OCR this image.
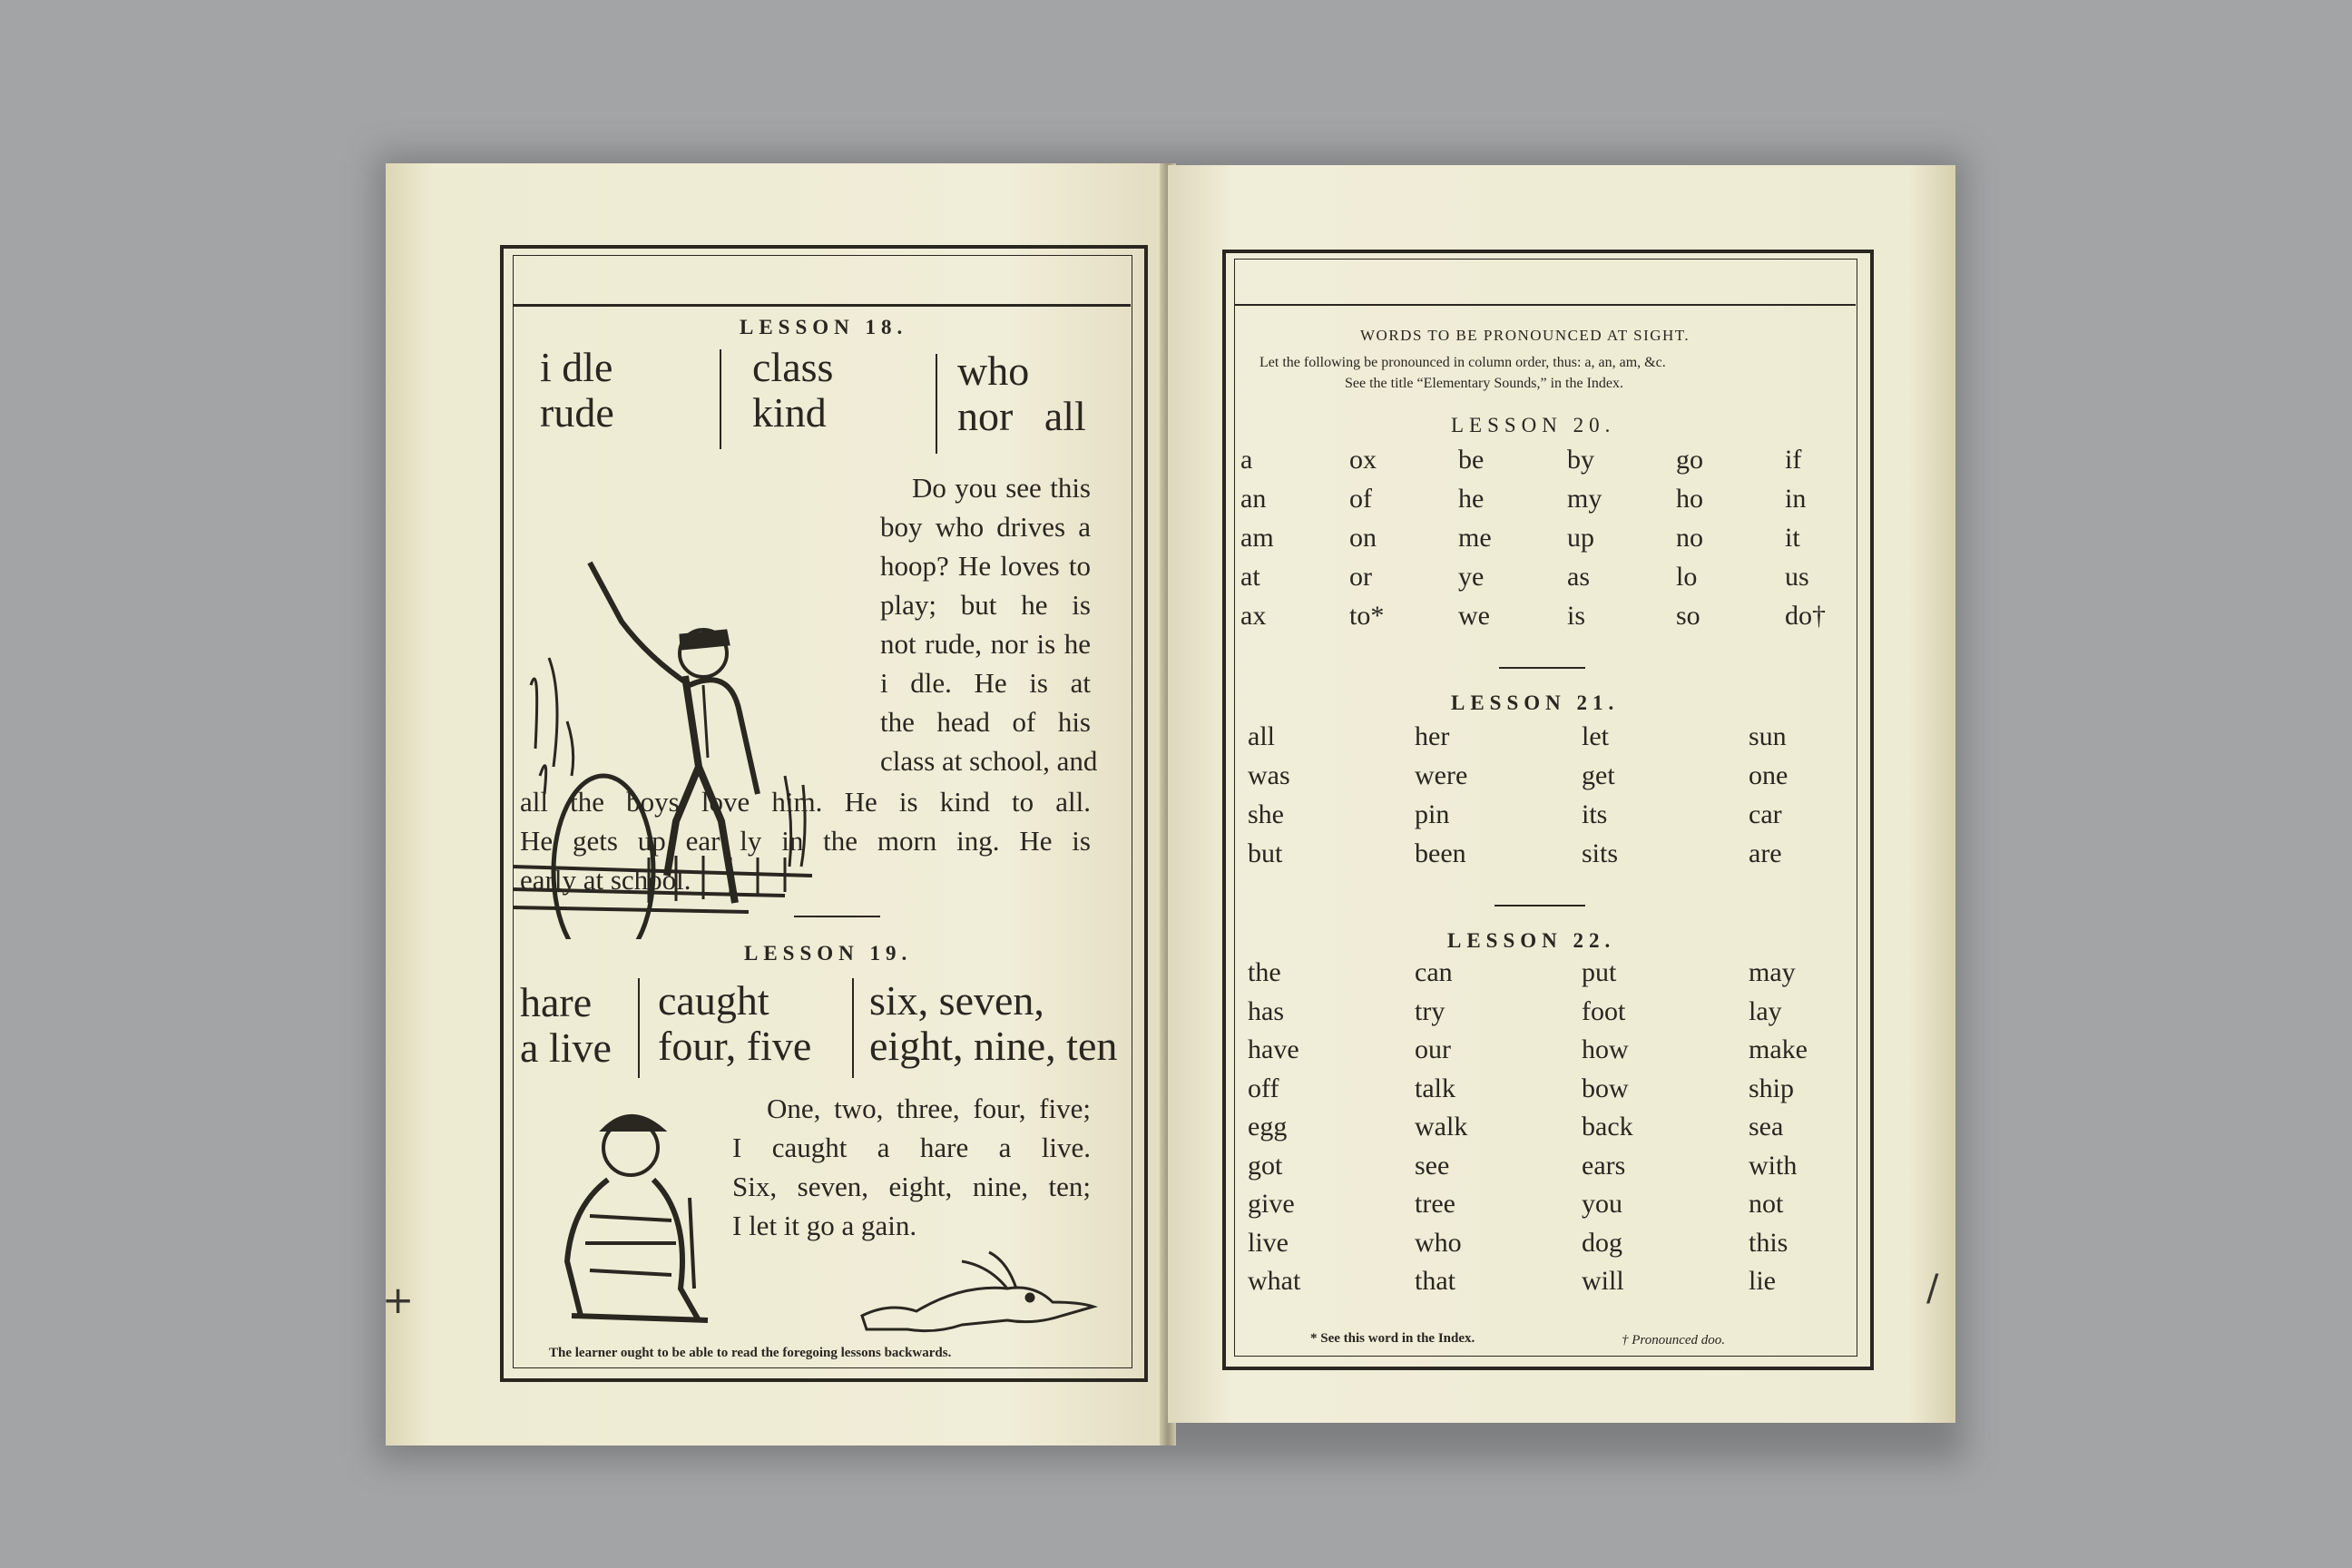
LESSON 18.
i dle
rude
class
kind
who
nor   all
Do you see this
boy who drives a
hoop? He loves to
play; but he is
not rude, nor is he
i dle. He is at
the head of his
class at school, and
all the boys love him. He is kind to all.
He gets up ear ly in the morn ing. He is
early at school.
LESSON 19.
hare
a live
caught
four, five
six, seven,
eight, nine, ten
One, two, three, four, five;
I caught a hare a live.
Six, seven, eight, nine, ten;
I let it go a gain.
The learner ought to be able to read the foregoing lessons backwards.
+
WORDS TO BE PRONOUNCED AT SIGHT.
Let the following be pronounced in column order, thus: a, an, am, &c.
See the title “Elementary Sounds,” in the Index.
LESSON 20.
a
an
am
at
ax
ox
of
on
or
to*
be
he
me
ye
we
by
my
up
as
is
go
ho
no
lo
so
if
in
it
us
do†
LESSON 21.
all
was
she
but
her
were
pin
been
let
get
its
sits
sun
one
car
are
LESSON 22.
the
has
have
off
egg
got
give
live
what
can
try
our
talk
walk
see
tree
who
that
put
foot
how
bow
back
ears
you
dog
will
may
lay
make
ship
sea
with
not
this
lie
* See this word in the Index.	† Pronounced doo.
/
